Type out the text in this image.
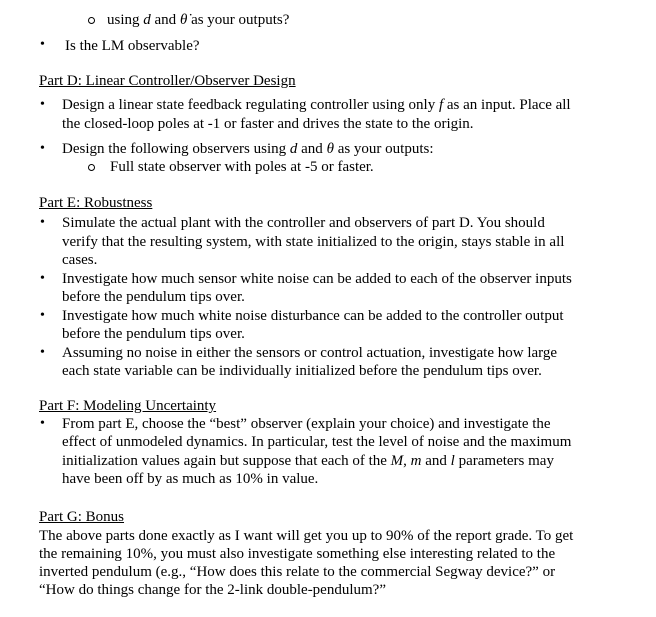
using d and θ̇ as your outputs?
• Is the LM observable?
Part D: Linear Controller/Observer Design
• Design a linear state feedback regulating controller using only f as an input. Place all
the closed-loop poles at -1 or faster and drives the state to the origin.
• Design the following observers using d and θ as your outputs:
Full state observer with poles at -5 or faster.
Part E: Robustness
• Simulate the actual plant with the controller and observers of part D. You should
verify that the resulting system, with state initialized to the origin, stays stable in all
cases.
• Investigate how much sensor white noise can be added to each of the observer inputs
before the pendulum tips over.
• Investigate how much white noise disturbance can be added to the controller output
before the pendulum tips over.
• Assuming no noise in either the sensors or control actuation, investigate how large
each state variable can be individually initialized before the pendulum tips over.
Part F: Modeling Uncertainty
• From part E, choose the “best” observer (explain your choice) and investigate the
effect of unmodeled dynamics. In particular, test the level of noise and the maximum
initialization values again but suppose that each of the M, m and l parameters may
have been off by as much as 10% in value.
Part G: Bonus
The above parts done exactly as I want will get you up to 90% of the report grade. To get
the remaining 10%, you must also investigate something else interesting related to the
inverted pendulum (e.g., “How does this relate to the commercial Segway device?” or
“How do things change for the 2-link double-pendulum?”
